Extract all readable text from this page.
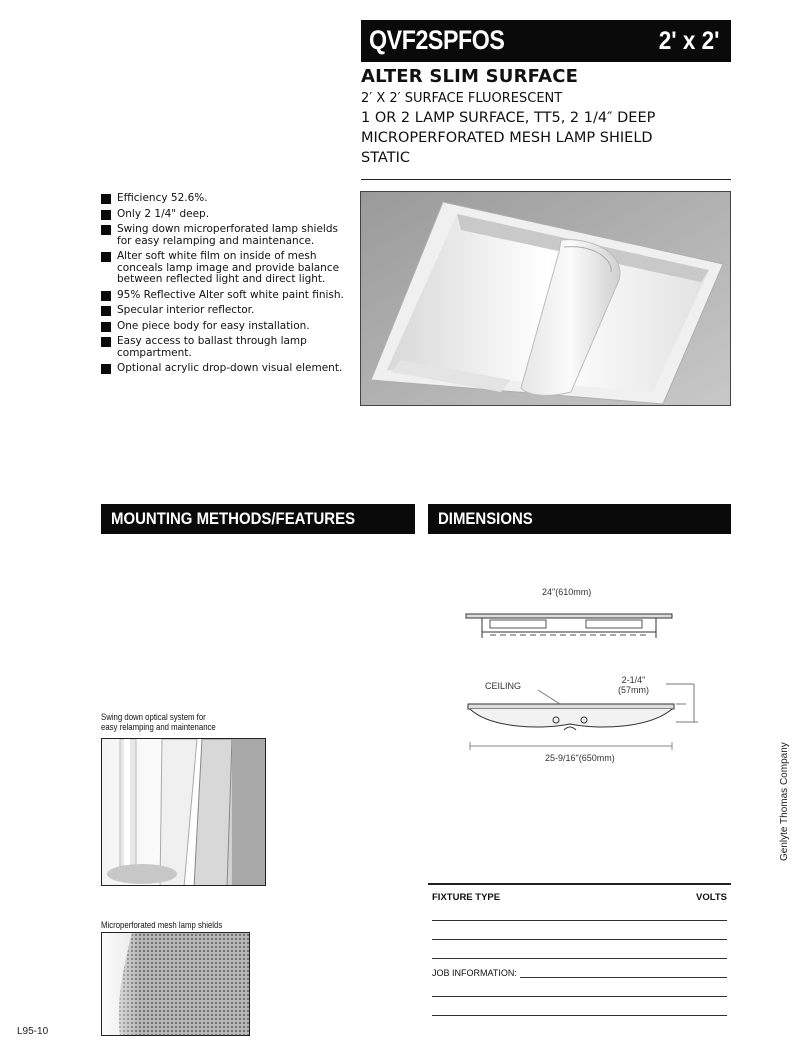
QVF2SPFOS	2' x 2'
ALTER SLIM SURFACE
2′ X 2′ SURFACE FLUORESCENT
1 OR 2 LAMP SURFACE, TT5, 2 1/4″ DEEP
MICROPERFORATED MESH LAMP SHIELD
STATIC
Efficiency 52.6%.
Only 2 1/4" deep.
Swing down microperforated lamp shields for easy relamping and maintenance.
Alter soft white film on inside of mesh conceals lamp image and provide balance between reflected light and direct light.
95% Reflective Alter soft white paint finish.
Specular interior reflector.
One piece body for easy installation.
Easy access to ballast through lamp compartment.
Optional acrylic drop-down visual element.
MOUNTING METHODS/FEATURES	DIMENSIONS
Swing down optical system for
easy relamping and maintenance
Microperforated mesh lamp shields
24"(610mm)
CEILING
2-1/4"
(57mm)
25-9/16"(650mm)	Genlyte Thomas Company
FIXTURE TYPE	VOLTS
JOB INFORMATION:
L95-10
